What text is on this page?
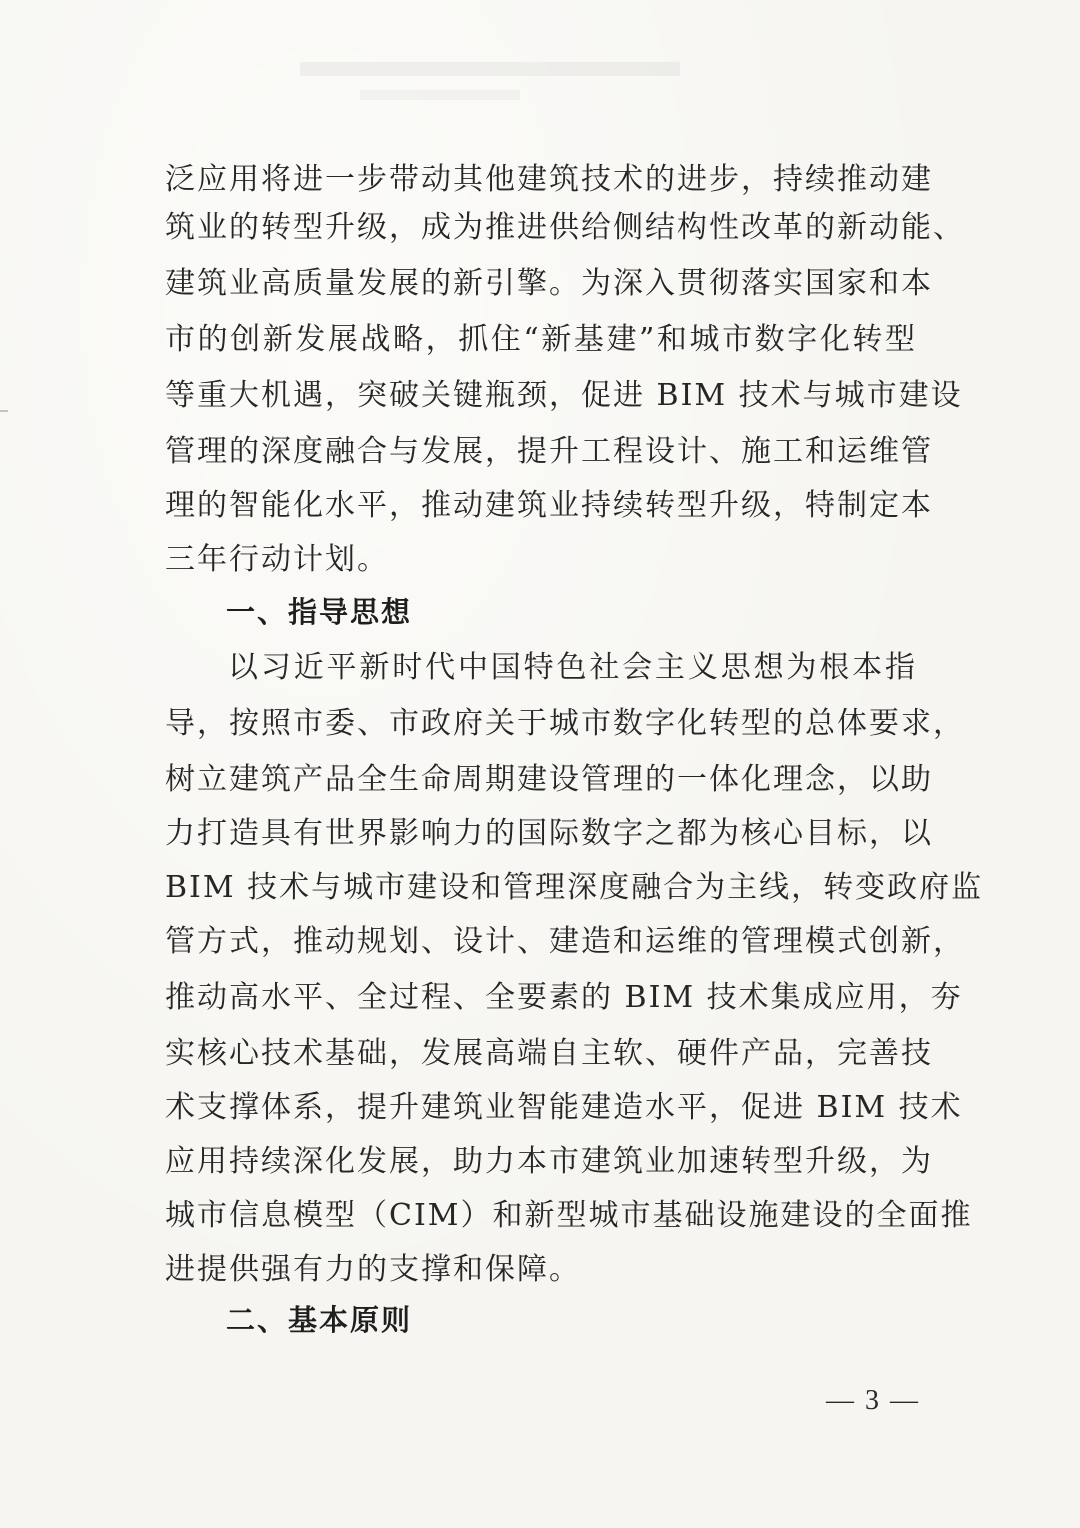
泛应用将进一步带动其他建筑技术的进步，持续推动建

筑业的转型升级，成为推进供给侧结构性改革的新动能、

建筑业高质量发展的新引擎。为深入贯彻落实国家和本

市的创新发展战略，抓住“新基建”和城市数字化转型

等重大机遇，突破关键瓶颈，促进 BIM 技术与城市建设

管理的深度融合与发展，提升工程设计、施工和运维管

理的智能化水平，推动建筑业持续转型升级，特制定本

三年行动计划。

一、指导思想

以习近平新时代中国特色社会主义思想为根本指

导，按照市委、市政府关于城市数字化转型的总体要求，

树立建筑产品全生命周期建设管理的一体化理念，以助

力打造具有世界影响力的国际数字之都为核心目标，以

BIM 技术与城市建设和管理深度融合为主线，转变政府监

管方式，推动规划、设计、建造和运维的管理模式创新，

推动高水平、全过程、全要素的 BIM 技术集成应用，夯

实核心技术基础，发展高端自主软、硬件产品，完善技

术支撑体系，提升建筑业智能建造水平，促进 BIM 技术

应用持续深化发展，助力本市建筑业加速转型升级，为

城市信息模型（CIM）和新型城市基础设施建设的全面推

进提供强有力的支撑和保障。

二、基本原则

— 3 —
